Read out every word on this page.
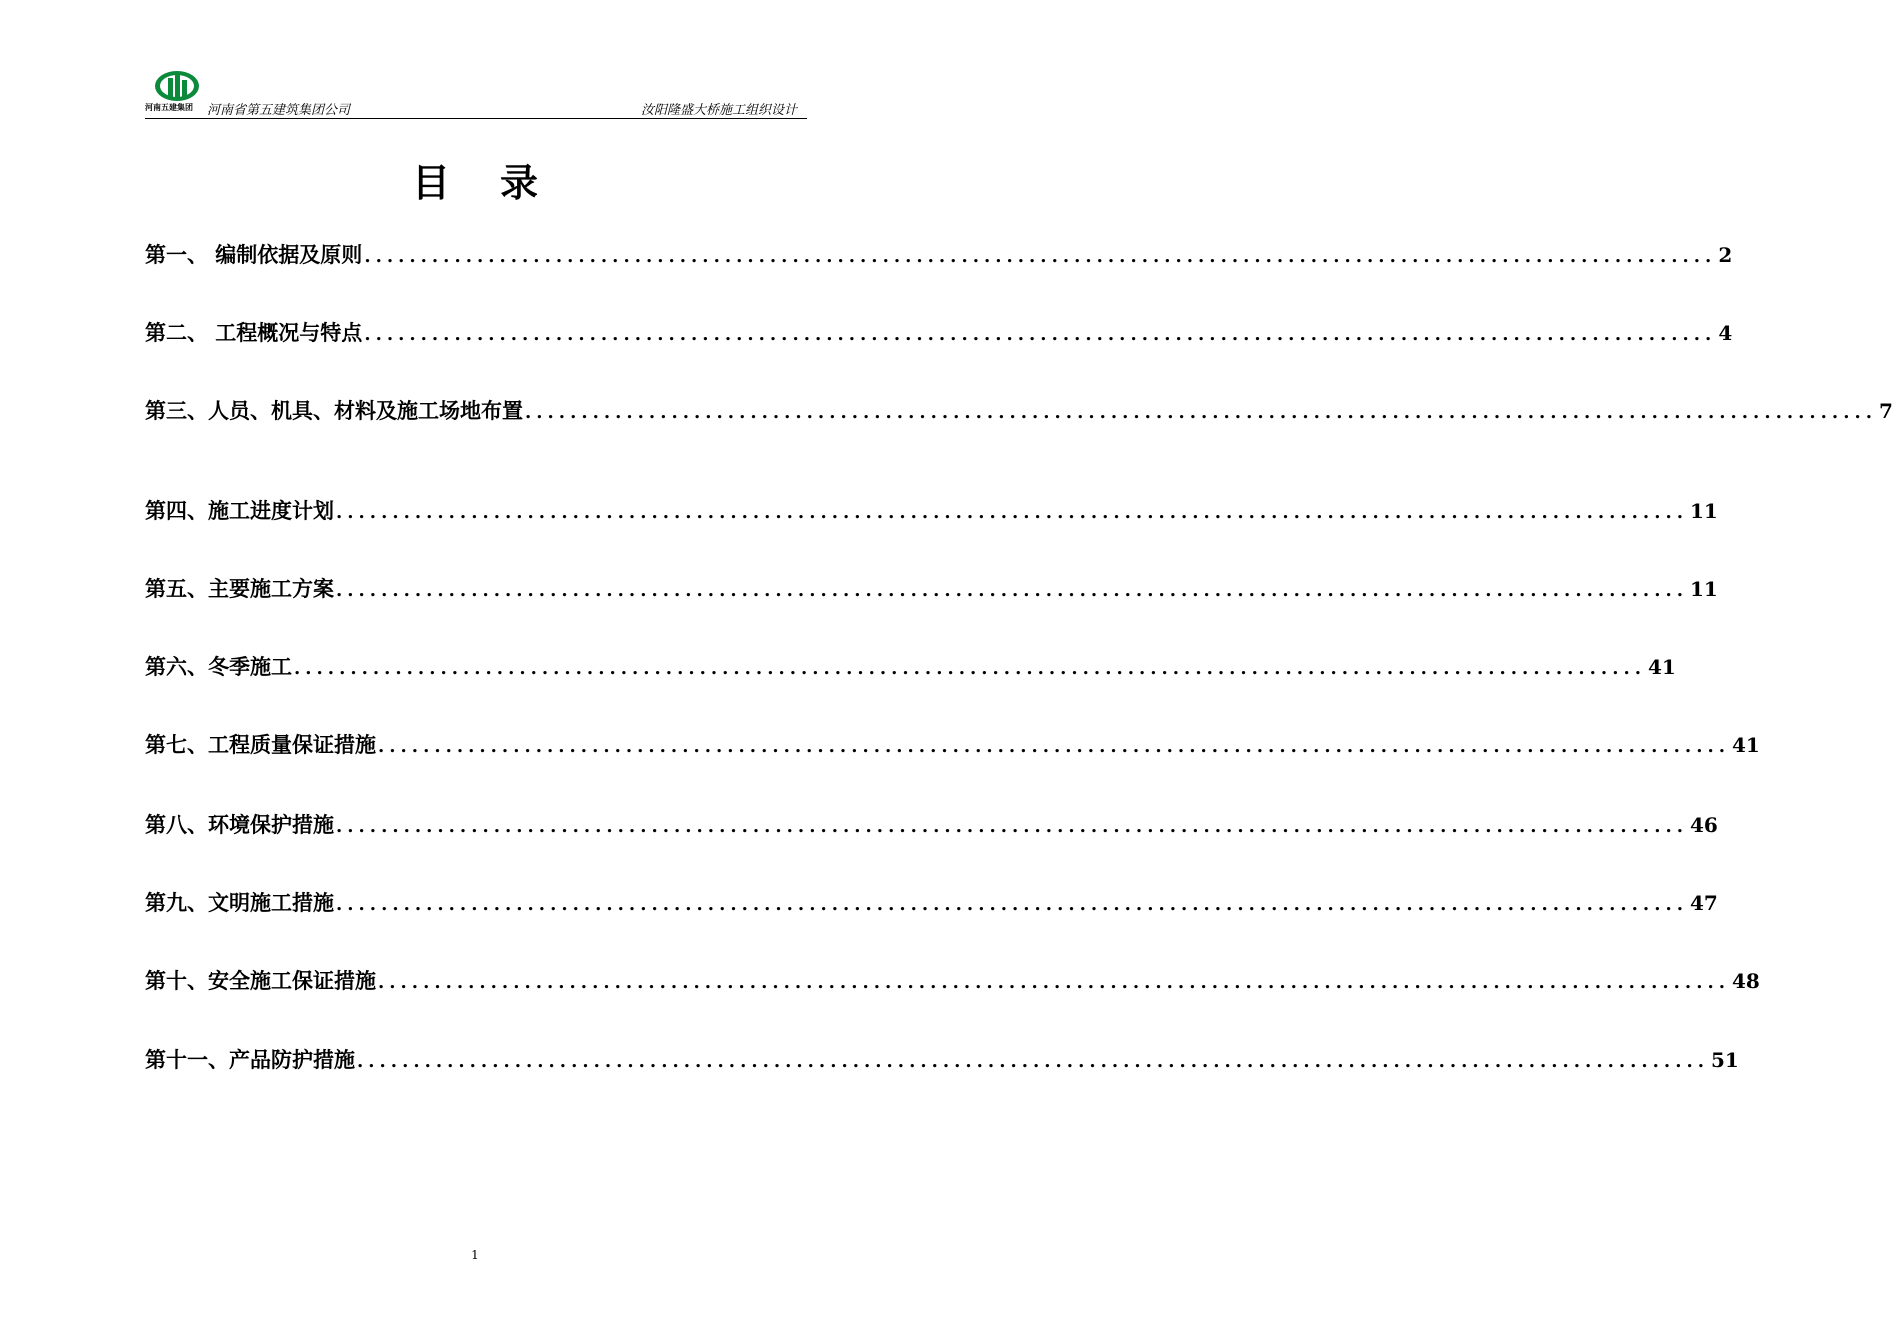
河南五建集团	河南省第五建筑集团公司	汝阳隆盛大桥施工组织设计
目录
第一、 编制依据及原则 ........................................................................................................................ 2
第二、 工程概况与特点 ........................................................................................................................ 4
第三、人员、机具、材料及施工场地布置 ........................................................................................................................ 7
第四、施工进度计划 ........................................................................................................................ 11
第五、主要施工方案 ........................................................................................................................ 11
第六、冬季施工 ........................................................................................................................ 41
第七、工程质量保证措施 ........................................................................................................................ 41
第八、环境保护措施 ........................................................................................................................ 46
第九、文明施工措施 ........................................................................................................................ 47
第十、安全施工保证措施 ........................................................................................................................ 48
第十一、产品防护措施 ........................................................................................................................ 51
1
